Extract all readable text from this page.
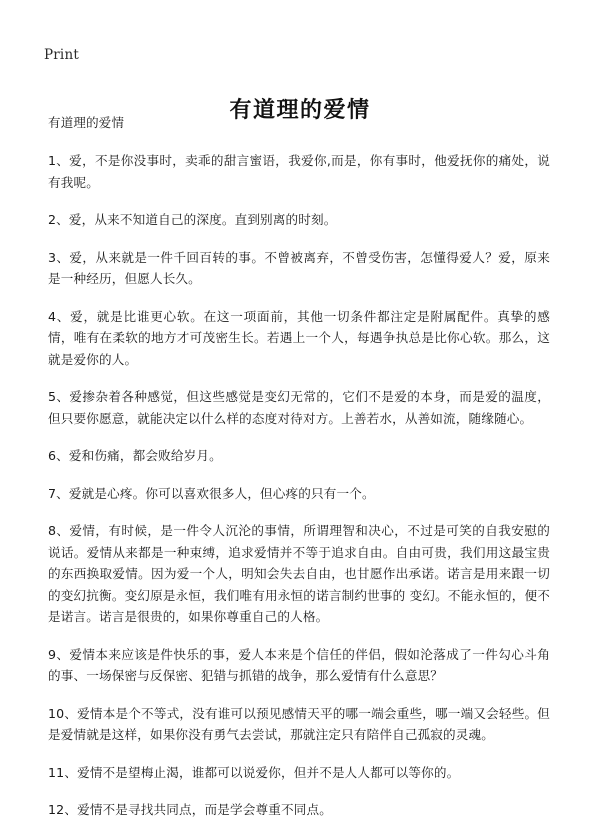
Print
有道理的爱情

有道理的爱情

1、爱，不是你没事时，卖乖的甜言蜜语，我爱你,而是，你有事时，他爱抚你的痛处，说有我呢。

2、爱，从来不知道自己的深度。直到别离的时刻。

3、爱，从来就是一件千回百转的事。不曾被离弃，不曾受伤害，怎懂得爱人？爱，原来是一种经历，但愿人长久。

4、爱，就是比谁更心软。在这一项面前，其他一切条件都注定是附属配件。真挚的感情，唯有在柔软的地方才可茂密生长。若遇上一个人，每遇争执总是比你心软。那么，这就是爱你的人。

5、爱掺杂着各种感觉，但这些感觉是变幻无常的，它们不是爱的本身，而是爱的温度，但只要你愿意，就能决定以什么样的态度对待对方。上善若水，从善如流，随缘随心。

6、爱和伤痛，都会败给岁月。

7、爱就是心疼。你可以喜欢很多人，但心疼的只有一个。

8、爱情，有时候，是一件令人沉沦的事情，所谓理智和决心，不过是可笑的自我安慰的说话。爱情从来都是一种束缚，追求爱情并不等于追求自由。自由可贵，我们用这最宝贵的东西换取爱情。因为爱一个人，明知会失去自由，也甘愿作出承诺。诺言是用来跟一切的变幻抗衡。变幻原是永恒，我们唯有用永恒的诺言制约世事的 变幻。不能永恒的，便不是诺言。诺言是很贵的，如果你尊重自己的人格。

9、爱情本来应该是件快乐的事，爱人本来是个信任的伴侣，假如沦落成了一件勾心斗角的事、一场保密与反保密、犯错与抓错的战争，那么爱情有什么意思？

10、爱情本是个不等式，没有谁可以预见感情天平的哪一端会重些，哪一端又会轻些。但是爱情就是这样，如果你没有勇气去尝试，那就注定只有陪伴自己孤寂的灵魂。

11、爱情不是望梅止渴，谁都可以说爱你，但并不是人人都可以等你的。

12、爱情不是寻找共同点，而是学会尊重不同点。
